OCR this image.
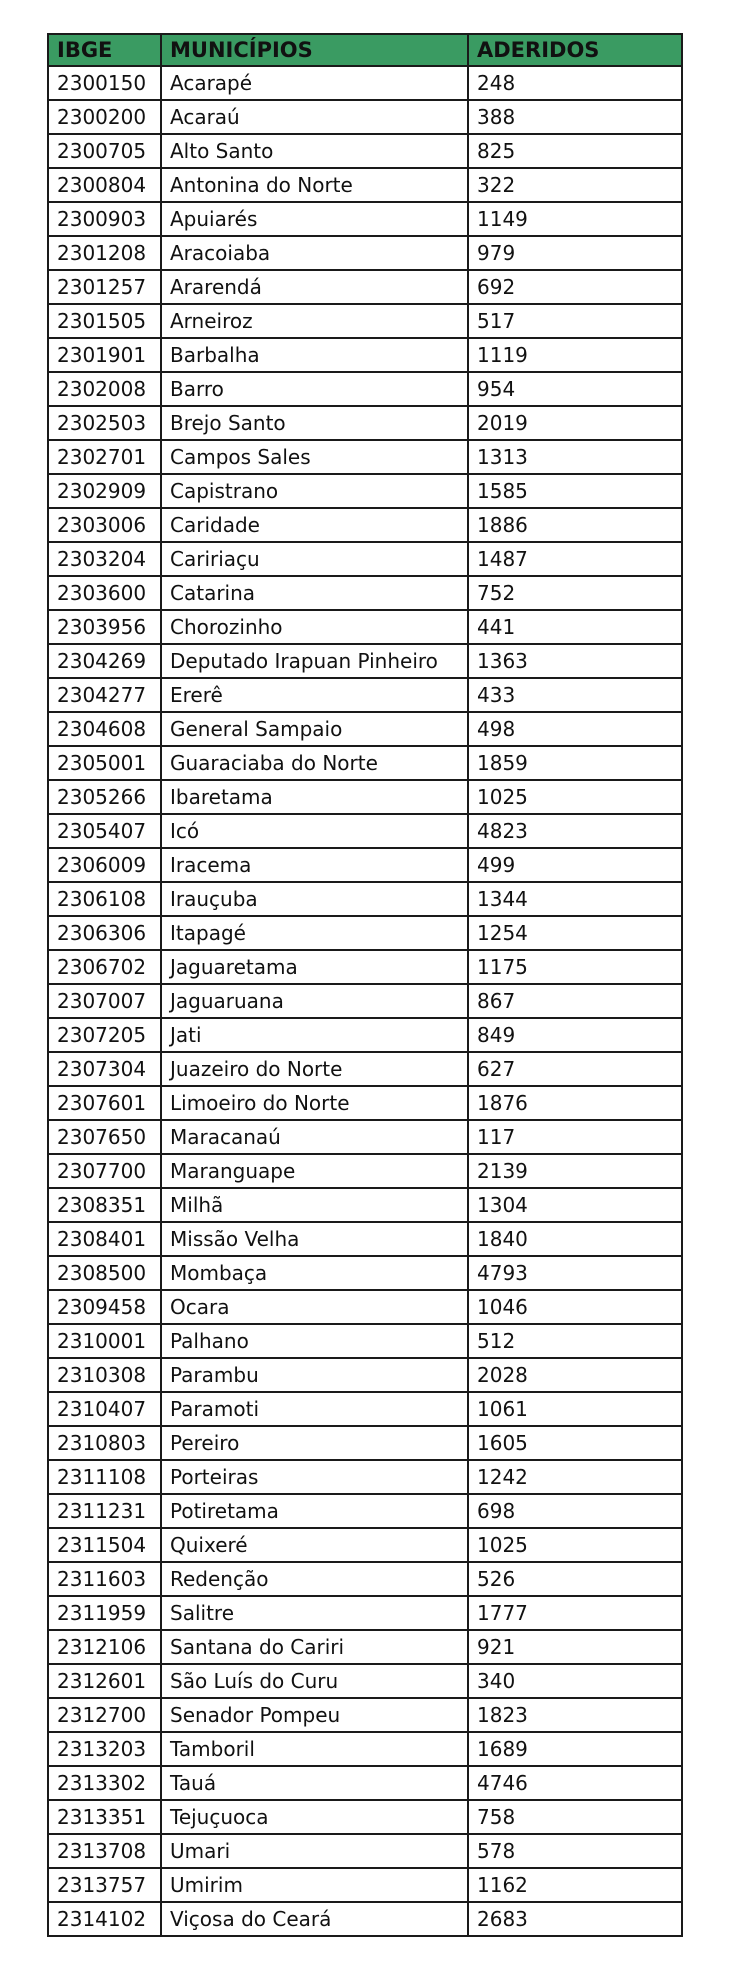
IBGE	MUNICÍPIOS	ADERIDOS
2300150	Acarapé	248
2300200	Acaraú	388
2300705	Alto Santo	825
2300804	Antonina do Norte	322
2300903	Apuiarés	1149
2301208	Aracoiaba	979
2301257	Ararendá	692
2301505	Arneiroz	517
2301901	Barbalha	1119
2302008	Barro	954
2302503	Brejo Santo	2019
2302701	Campos Sales	1313
2302909	Capistrano	1585
2303006	Caridade	1886
2303204	Caririaçu	1487
2303600	Catarina	752
2303956	Chorozinho	441
2304269	Deputado Irapuan Pinheiro	1363
2304277	Ererê	433
2304608	General Sampaio	498
2305001	Guaraciaba do Norte	1859
2305266	Ibaretama	1025
2305407	Icó	4823
2306009	Iracema	499
2306108	Irauçuba	1344
2306306	Itapagé	1254
2306702	Jaguaretama	1175
2307007	Jaguaruana	867
2307205	Jati	849
2307304	Juazeiro do Norte	627
2307601	Limoeiro do Norte	1876
2307650	Maracanaú	117
2307700	Maranguape	2139
2308351	Milhã	1304
2308401	Missão Velha	1840
2308500	Mombaça	4793
2309458	Ocara	1046
2310001	Palhano	512
2310308	Parambu	2028
2310407	Paramoti	1061
2310803	Pereiro	1605
2311108	Porteiras	1242
2311231	Potiretama	698
2311504	Quixeré	1025
2311603	Redenção	526
2311959	Salitre	1777
2312106	Santana do Cariri	921
2312601	São Luís do Curu	340
2312700	Senador Pompeu	1823
2313203	Tamboril	1689
2313302	Tauá	4746
2313351	Tejuçuoca	758
2313708	Umari	578
2313757	Umirim	1162
2314102	Viçosa do Ceará	2683
